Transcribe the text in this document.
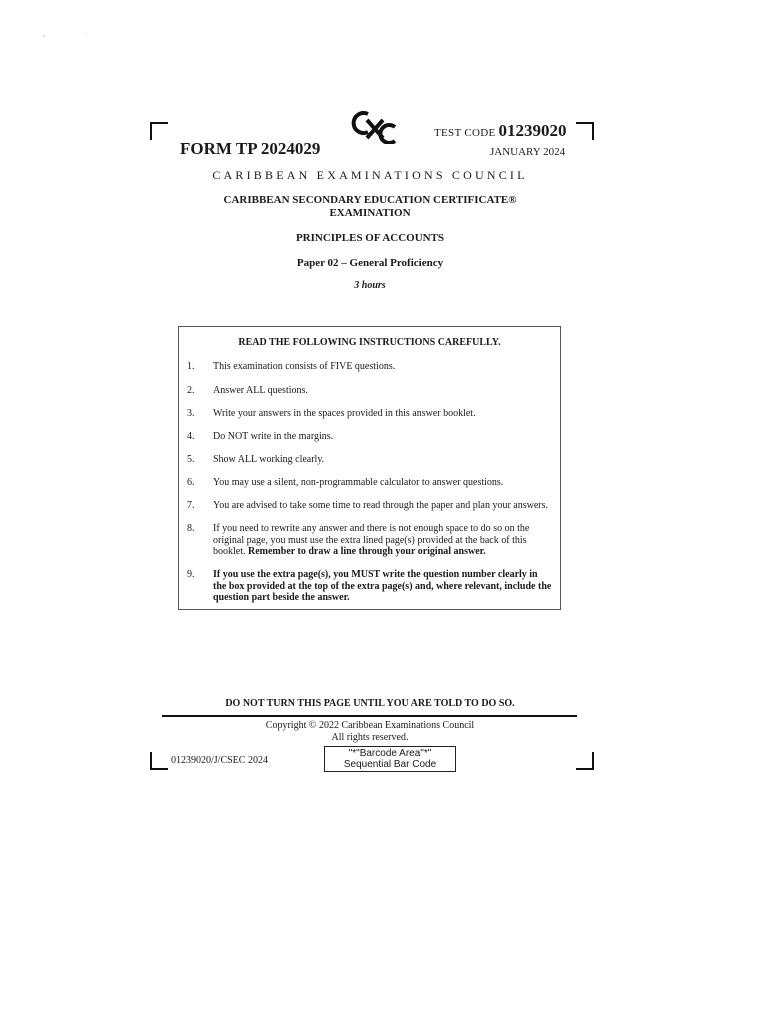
FORM TP 2024029
TEST CODE 01239020
JANUARY 2024
CARIBBEAN EXAMINATIONS COUNCIL
CARIBBEAN SECONDARY EDUCATION CERTIFICATE®
EXAMINATION
PRINCIPLES OF ACCOUNTS
Paper 02 – General Proficiency
3 hours
READ THE FOLLOWING INSTRUCTIONS CAREFULLY.
1.	This examination consists of FIVE questions.
2.	Answer ALL questions.
3.	Write your answers in the spaces provided in this answer booklet.
4.	Do NOT write in the margins.
5.	Show ALL working clearly.
6.	You may use a silent, non-programmable calculator to answer questions.
7.	You are advised to take some time to read through the paper and plan your answers.
8.	If you need to rewrite any answer and there is not enough space to do so on the original page, you must use the extra lined page(s) provided at the back of this booklet. Remember to draw a line through your original answer.
9.	If you use the extra page(s), you MUST write the question number clearly in the box provided at the top of the extra page(s) and, where relevant, include the question part beside the answer.
DO NOT TURN THIS PAGE UNTIL YOU ARE TOLD TO DO SO.
Copyright © 2022 Caribbean Examinations Council
All rights reserved.
01239020/J/CSEC 2024
"*"Barcode Area"*"
Sequential Bar Code
